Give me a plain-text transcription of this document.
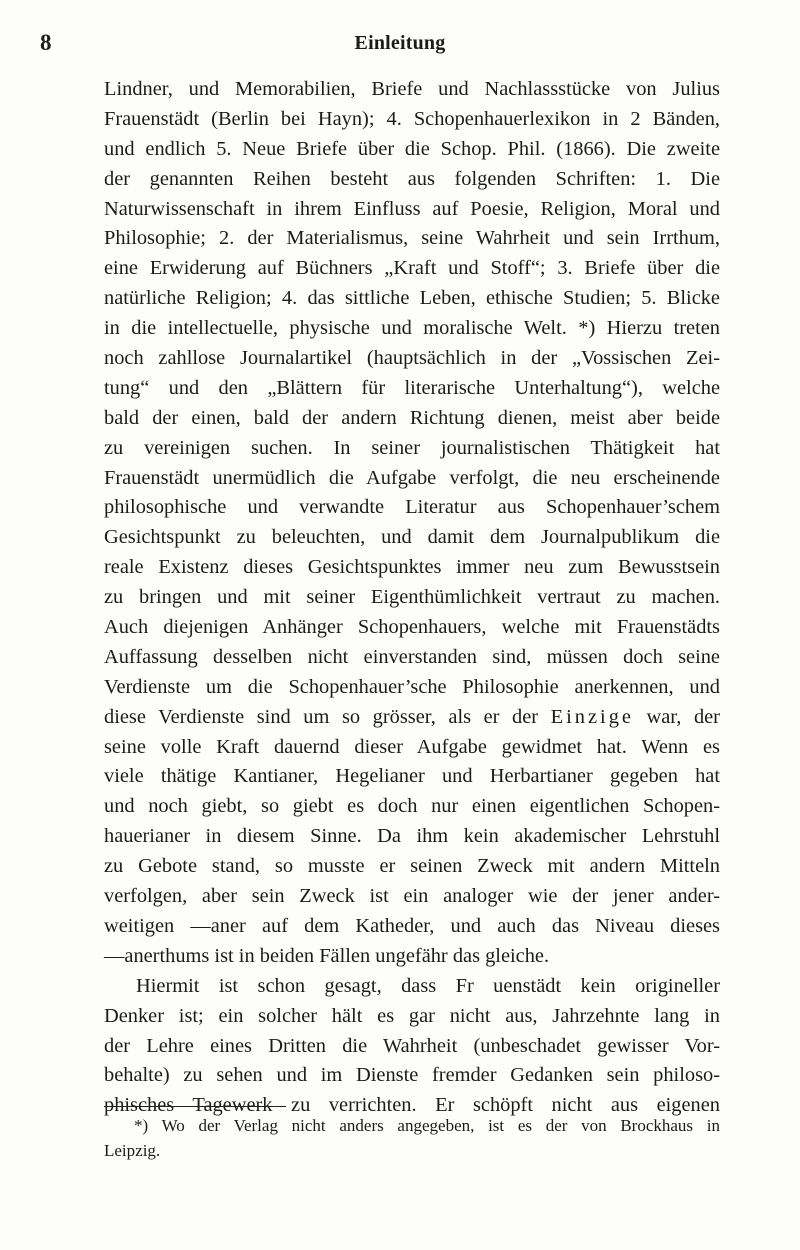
8	Einleitung
Lindner, und Memorabilien, Briefe und Nachlassstücke von Julius
Frauenstädt (Berlin bei Hayn); 4. Schopenhauerlexikon in 2 Bänden,
und endlich 5. Neue Briefe über die Schop. Phil. (1866). Die zweite
der genannten Reihen besteht aus folgenden Schriften: 1. Die
Naturwissenschaft in ihrem Einfluss auf Poesie, Religion, Moral und
Philosophie; 2. der Materialismus, seine Wahrheit und sein Irrthum,
eine Erwiderung auf Büchners „Kraft und Stoff“; 3. Briefe über die
natürliche Religion; 4. das sittliche Leben, ethische Studien; 5. Blicke
in die intellectuelle, physische und moralische Welt. *) Hierzu treten
noch zahllose Journalartikel (hauptsächlich in der „Vossischen Zei-
tung“ und den „Blättern für literarische Unterhaltung“), welche
bald der einen, bald der andern Richtung dienen, meist aber beide
zu vereinigen suchen. In seiner journalistischen Thätigkeit hat
Frauenstädt unermüdlich die Aufgabe verfolgt, die neu erscheinende
philosophische und verwandte Literatur aus Schopenhauer’schem
Gesichtspunkt zu beleuchten, und damit dem Journalpublikum die
reale Existenz dieses Gesichtspunktes immer neu zum Bewusstsein
zu bringen und mit seiner Eigenthümlichkeit vertraut zu machen.
Auch diejenigen Anhänger Schopenhauers, welche mit Frauenstädts
Auffassung desselben nicht einverstanden sind, müssen doch seine
Verdienste um die Schopenhauer’sche Philosophie anerkennen, und
diese Verdienste sind um so grösser, als er der Einzige war, der
seine volle Kraft dauernd dieser Aufgabe gewidmet hat. Wenn es
viele thätige Kantianer, Hegelianer und Herbartianer gegeben hat
und noch giebt, so giebt es doch nur einen eigentlichen Schopen-
hauerianer in diesem Sinne. Da ihm kein akademischer Lehrstuhl
zu Gebote stand, so musste er seinen Zweck mit andern Mitteln
verfolgen, aber sein Zweck ist ein analoger wie der jener ander-
weitigen —aner auf dem Katheder, und auch das Niveau dieses
—anerthums ist in beiden Fällen ungefähr das gleiche.
Hiermit ist schon gesagt, dass Fr uenstädt kein origineller
Denker ist; ein solcher hält es gar nicht aus, Jahrzehnte lang in
der Lehre eines Dritten die Wahrheit (unbeschadet gewisser Vor-
behalte) zu sehen und im Dienste fremder Gedanken sein philoso-
phisches Tagewerk zu verrichten. Er schöpft nicht aus eigenen
*) Wo der Verlag nicht anders angegeben, ist es der von Brockhaus in
Leipzig.
